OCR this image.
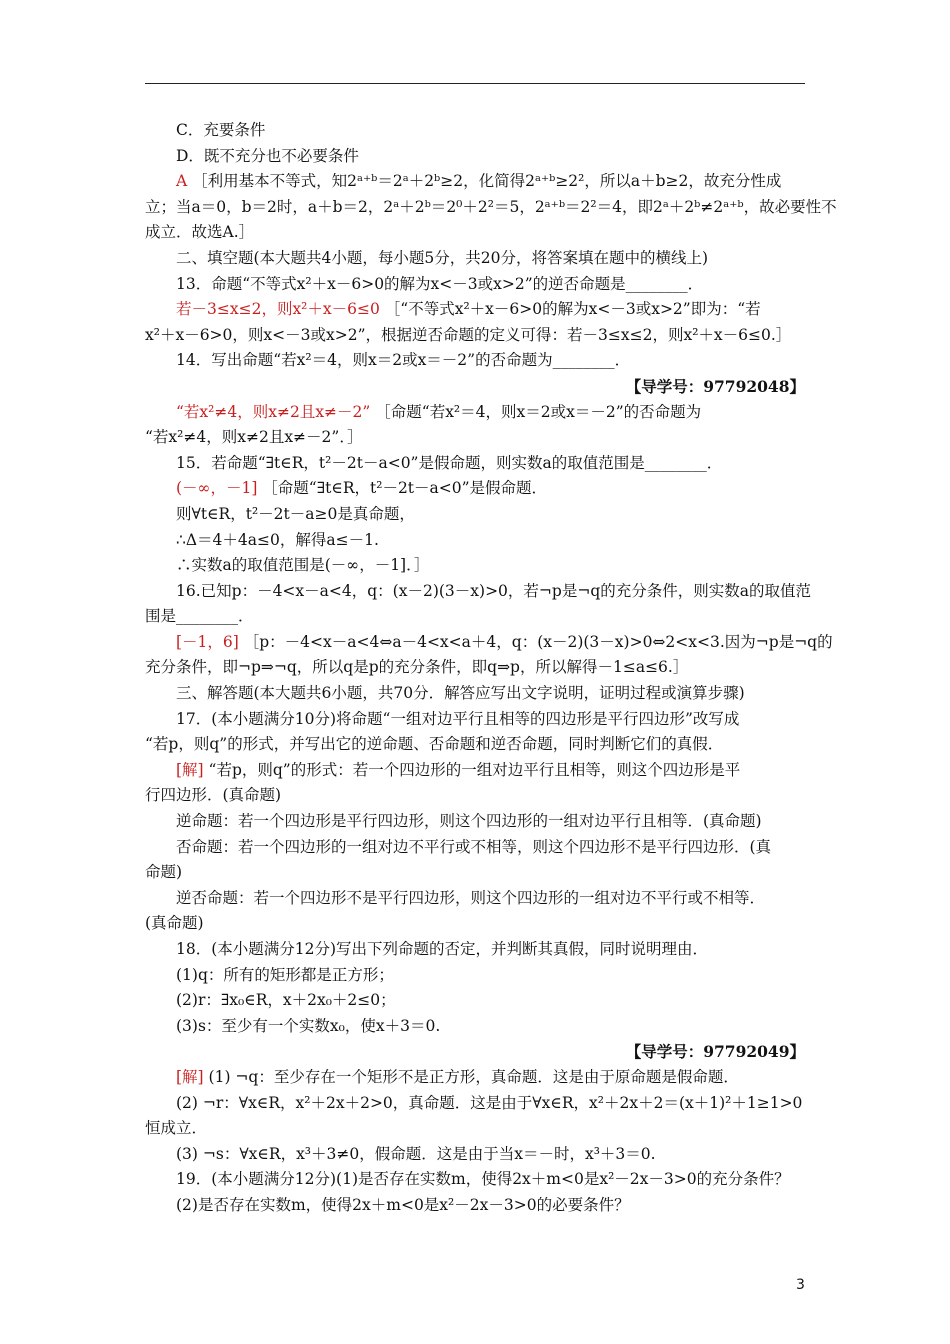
C．充要条件
D．既不充分也不必要条件
A ［利用基本不等式，知2ᵃ⁺ᵇ＝2ᵃ＋2ᵇ≥2，化简得2ᵃ⁺ᵇ≥2²，所以a＋b≥2，故充分性成
立；当a＝0，b＝2时，a＋b＝2，2ᵃ＋2ᵇ＝2⁰＋2²＝5，2ᵃ⁺ᵇ＝2²＝4，即2ᵃ＋2ᵇ≠2ᵃ⁺ᵇ，故必要性不
成立．故选A.］
二、填空题(本大题共4小题，每小题5分，共20分，将答案填在题中的横线上)
13．命题“不等式x²＋x－6>0的解为x<－3或x>2”的逆否命题是________．
若－3≤x≤2，则x²＋x－6≤0 ［“不等式x²＋x－6>0的解为x<－3或x>2”即为：“若
x²＋x－6>0，则x<－3或x>2”，根据逆否命题的定义可得：若－3≤x≤2，则x²＋x－6≤0.］
14．写出命题“若x²＝4，则x＝2或x＝－2”的否命题为________．
【导学号：97792048】
“若x²≠4，则x≠2且x≠－2” ［命题“若x²＝4，则x＝2或x＝－2”的否命题为
“若x²≠4，则x≠2且x≠－2”．］
15．若命题“∃t∈R，t²－2t－a<0”是假命题，则实数a的取值范围是________．
(－∞，－1] ［命题“∃t∈R，t²－2t－a<0”是假命题．
则∀t∈R，t²－2t－a≥0是真命题，
∴Δ＝4＋4a≤0，解得a≤－1.
∴实数a的取值范围是(－∞，－1]．］
16.已知p：－4<x－a<4，q：(x－2)(3－x)>0，若¬p是¬q的充分条件，则实数a的取值范
围是________．
[－1，6] ［p：－4<x－a<4⇔a－4<x<a＋4，q：(x－2)(3－x)>0⇔2<x<3.因为¬p是¬q的
充分条件，即¬p⇒¬q，所以q是p的充分条件，即q⇒p，所以解得－1≤a≤6.］
三、解答题(本大题共6小题，共70分．解答应写出文字说明，证明过程或演算步骤)
17．(本小题满分10分)将命题“一组对边平行且相等的四边形是平行四边形”改写成
“若p，则q”的形式，并写出它的逆命题、否命题和逆否命题，同时判断它们的真假．
[解] “若p，则q”的形式：若一个四边形的一组对边平行且相等，则这个四边形是平
行四边形．(真命题)
逆命题：若一个四边形是平行四边形，则这个四边形的一组对边平行且相等．(真命题)
否命题：若一个四边形的一组对边不平行或不相等，则这个四边形不是平行四边形．(真
命题)
逆否命题：若一个四边形不是平行四边形，则这个四边形的一组对边不平行或不相等．
(真命题)
18．(本小题满分12分)写出下列命题的否定，并判断其真假，同时说明理由．
(1)q：所有的矩形都是正方形；
(2)r：∃x₀∈R，x＋2x₀＋2≤0；
(3)s：至少有一个实数x₀，使x＋3＝0.
【导学号：97792049】
[解] (1) ¬q：至少存在一个矩形不是正方形，真命题．这是由于原命题是假命题．
(2) ¬r：∀x∈R，x²＋2x＋2>0，真命题．这是由于∀x∈R，x²＋2x＋2＝(x＋1)²＋1≥1>0
恒成立．
(3) ¬s：∀x∈R，x³＋3≠0，假命题．这是由于当x＝－时，x³＋3＝0.
19．(本小题满分12分)(1)是否存在实数m，使得2x＋m<0是x²－2x－3>0的充分条件？
(2)是否存在实数m，使得2x＋m<0是x²－2x－3>0的必要条件？
3
